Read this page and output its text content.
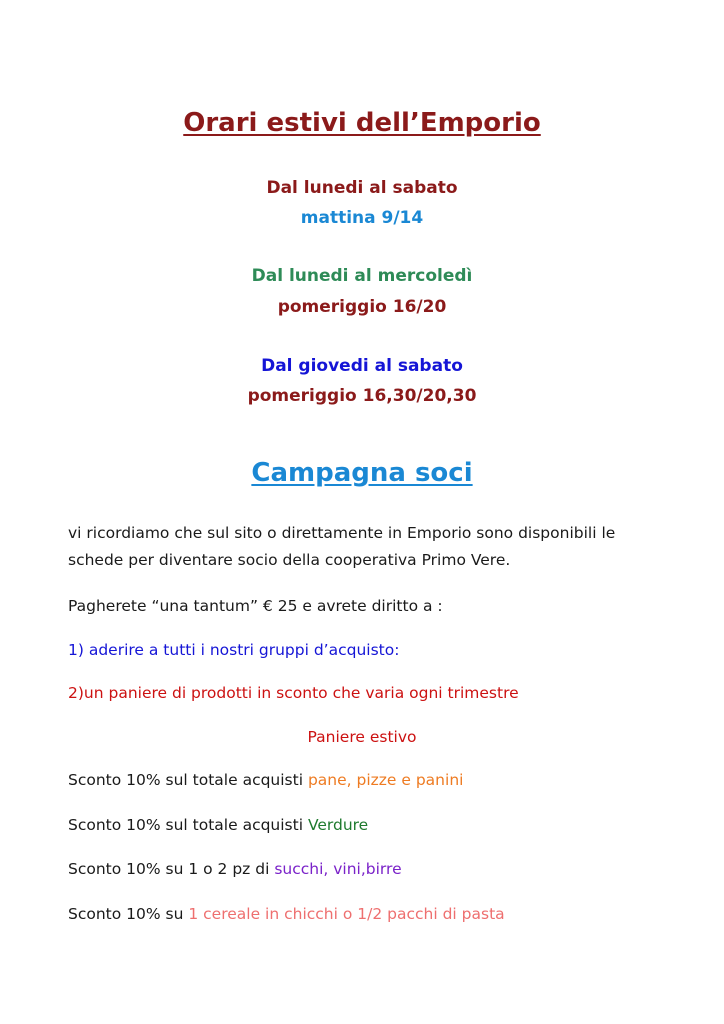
Orari estivi dell’Emporio
Dal lunedi al sabato
mattina 9/14
Dal lunedi al mercoledì
pomeriggio 16/20
Dal giovedi al sabato
pomeriggio 16,30/20,30
Campagna soci
vi ricordiamo che sul sito o direttamente in Emporio sono disponibili le
schede per diventare socio della cooperativa Primo Vere.
Pagherete “una tantum” € 25 e avrete diritto a :
1) aderire a tutti i nostri gruppi d’acquisto:
2)un paniere di prodotti in sconto che varia ogni trimestre
Paniere estivo
Sconto 10% sul totale acquisti pane, pizze e panini
Sconto 10% sul totale acquisti Verdure
Sconto 10% su 1 o 2 pz di succhi, vini,birre
Sconto 10% su 1 cereale in chicchi o 1/2 pacchi di pasta
